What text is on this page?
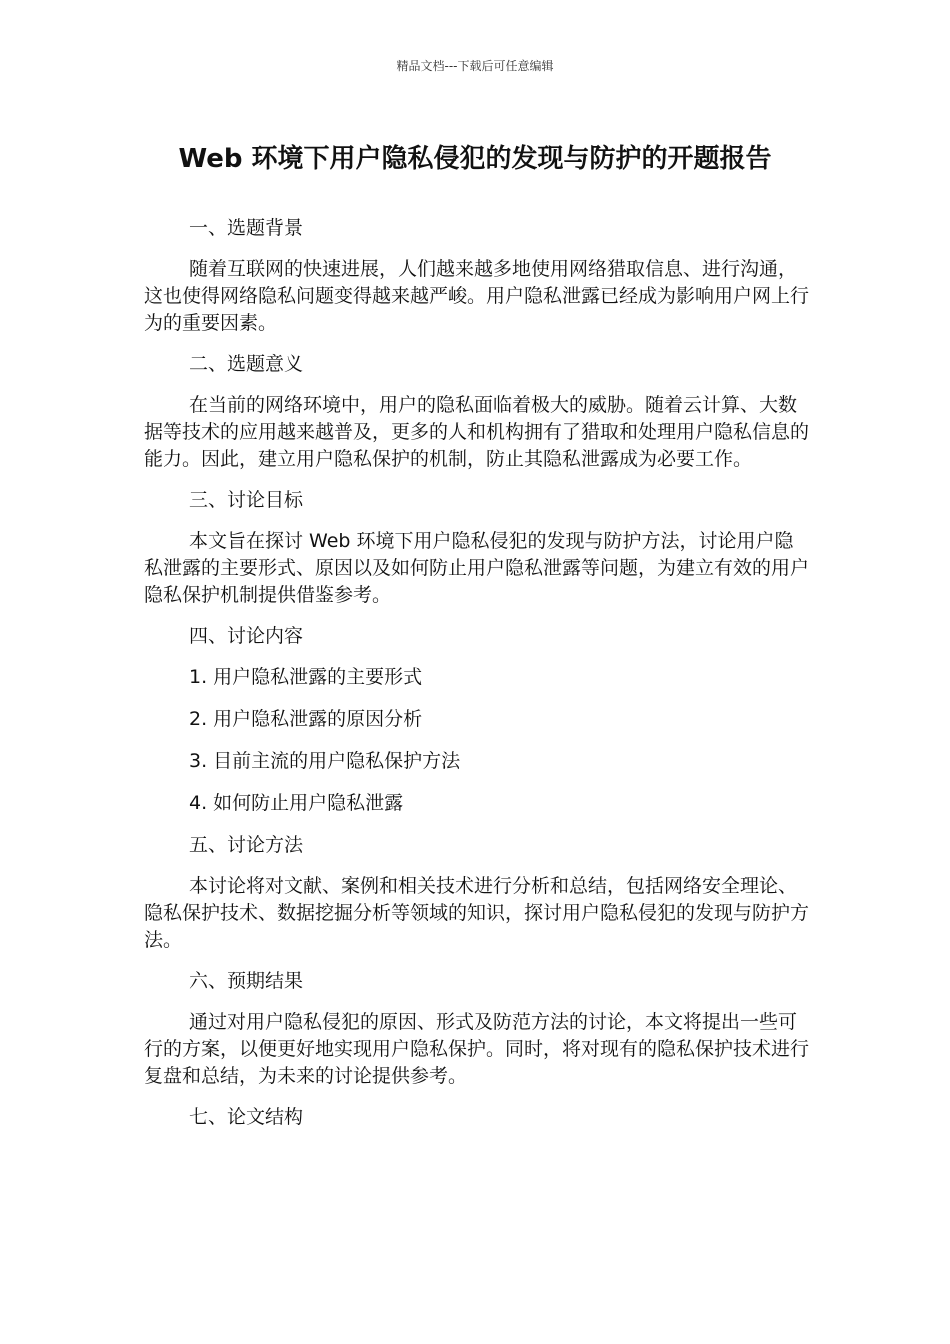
精品文档---下载后可任意编辑
Web 环境下用户隐私侵犯的发现与防护的开题报告

一、选题背景

随着互联网的快速进展，人们越来越多地使用网络猎取信息、进行沟通，这也使得网络隐私问题变得越来越严峻。用户隐私泄露已经成为影响用户网上行为的重要因素。

二、选题意义

在当前的网络环境中，用户的隐私面临着极大的威胁。随着云计算、大数据等技术的应用越来越普及，更多的人和机构拥有了猎取和处理用户隐私信息的能力。因此，建立用户隐私保护的机制，防止其隐私泄露成为必要工作。

三、讨论目标

本文旨在探讨 Web 环境下用户隐私侵犯的发现与防护方法，讨论用户隐私泄露的主要形式、原因以及如何防止用户隐私泄露等问题，为建立有效的用户隐私保护机制提供借鉴参考。

四、讨论内容

1. 用户隐私泄露的主要形式

2. 用户隐私泄露的原因分析

3. 目前主流的用户隐私保护方法

4. 如何防止用户隐私泄露

五、讨论方法

本讨论将对文献、案例和相关技术进行分析和总结，包括网络安全理论、隐私保护技术、数据挖掘分析等领域的知识，探讨用户隐私侵犯的发现与防护方法。

六、预期结果

通过对用户隐私侵犯的原因、形式及防范方法的讨论，本文将提出一些可行的方案，以便更好地实现用户隐私保护。同时，将对现有的隐私保护技术进行复盘和总结，为未来的讨论提供参考。

七、论文结构
